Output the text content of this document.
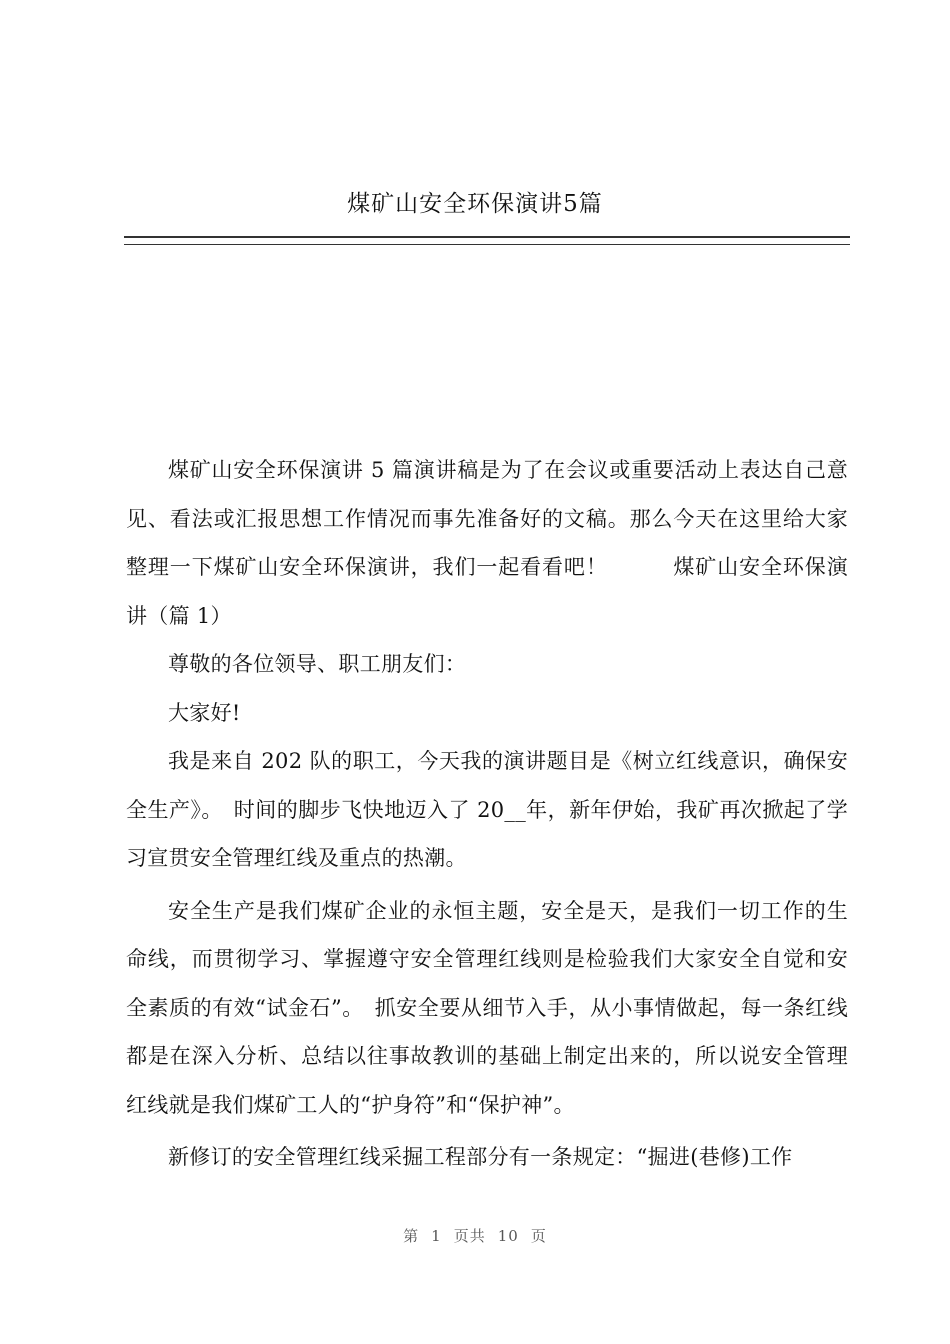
煤矿山安全环保演讲5篇

煤矿山安全环保演讲 5 篇演讲稿是为了在会议或重要活动上表达自己意见、看法或汇报思想工作情况而事先准备好的文稿。那么今天在这里给大家整理一下煤矿山安全环保演讲，我们一起看看吧！　　　煤矿山安全环保演讲（篇 1）

尊敬的各位领导、职工朋友们：

大家好!

我是来自 202 队的职工，今天我的演讲题目是《树立红线意识，确保安全生产》。　时间的脚步飞快地迈入了 20__年，新年伊始，我矿再次掀起了学习宣贯安全管理红线及重点的热潮。

安全生产是我们煤矿企业的永恒主题，安全是天，是我们一切工作的生命线，而贯彻学习、掌握遵守安全管理红线则是检验我们大家安全自觉和安全素质的有效“试金石”。　抓安全要从细节入手，从小事情做起，每一条红线都是在深入分析、总结以往事故教训的基础上制定出来的，所以说安全管理红线就是我们煤矿工人的“护身符”和“保护神”。

新修订的安全管理红线采掘工程部分有一条规定：“掘进(巷修)工作

第 1 页共 10 页
